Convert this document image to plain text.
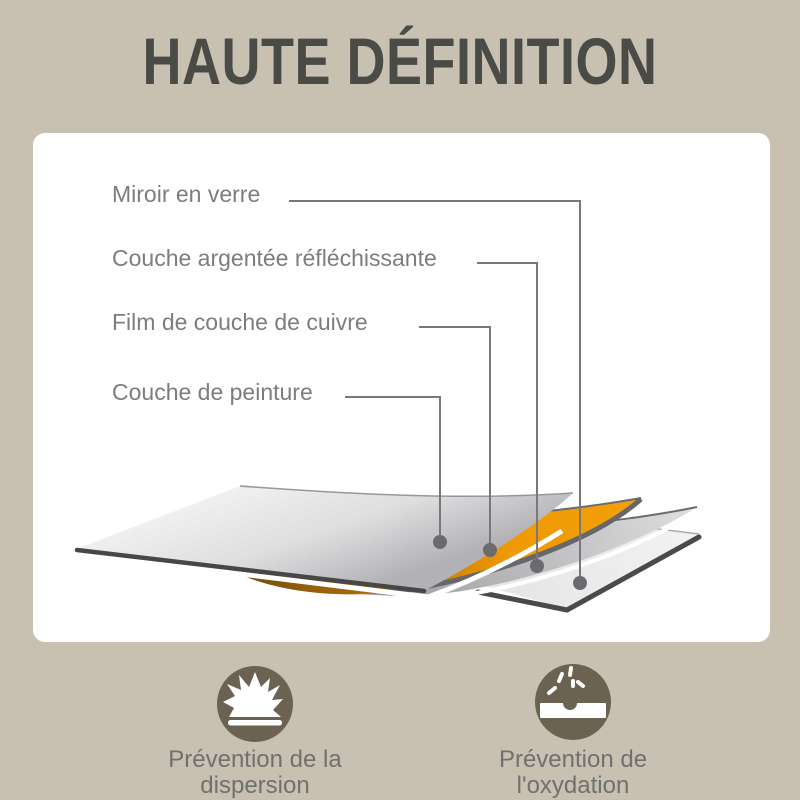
HAUTE DÉFINITION
Miroir en verre
Couche argentée réfléchissante
Film de couche de cuivre
Couche de peinture
Prévention de la
dispersion
Prévention de
l'oxydation
